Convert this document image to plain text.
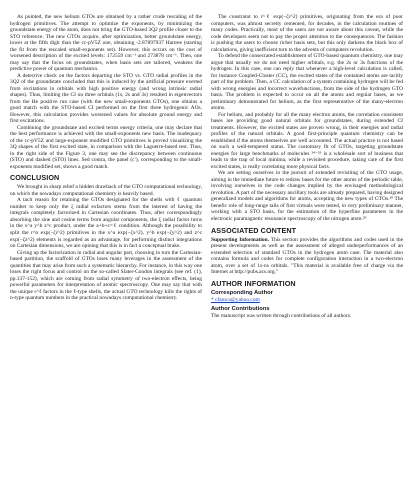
As pointed, the new helium GTOs are obtained by a rather crude rescaling of the hydrogen primitives. The attempt to optimize the exponents, by minimizing the groundstate energy of the atom, does not bring the GTO-based 3Q2 profile closer to the STO reference. The new GTOs acquire, after optimization, better groundstate energy, lower at the fifth digit than the cc-pV5Z one, obtaining -2.87897937 Hartree (starting the fit from the rescaled small-exponents set). However, this occurs on the cost of worsened description of the excited levels: 172559 cm⁻¹ and 273878 cm⁻¹. Then, one may say that the focus on groundstates, when basis sets are tailored, weakens the predictive power of quantum mechanics.

A detective check on the factors departing the STO vs. GTO radial profiles in the 3Q2 of the groundstate concluded that this is induced by the artificial pressure exerted from excitations in orbitals with high positive energy (and wrong intrinsic radial shapes). Thus, limiting the CI on three orbitals (1s, 2s and 3s) resulted in eigenvectors from the He positive run case (with the new small-exponents GTOs), one obtains a good match with the STO-based CI performed on the first three hydrogenic AOs. However, this calculation provides worsened values for absolute ground energy and first excitations.

Combining the groundstate and excited terms energy criteria, one may declare that the best performance is achieved with the small-exponents new basis. The inadequacy of the cc-pV5Z and large-exponent modified GTO primitives is proved visualizing the 3Q shapes of the first excited state, in comparison with the Laguerre-based test. Thus, in the right side of the Figure 3, one may see the discrepancy between continuous (STO) and dashed (STO) lines. Sed contra, the panel (c′), corresponding to the small-exponents modified set, shows a good match.

CONCLUSION

We brought in sharp relief a hidden drawback of the GTO computational technology, on which the nowadays computational chemistry is heavily based.

A tacit reason for retaining the GTOs designated for the shells with ℓ quantum number to keep only the ξ radial exfactors stems from the interest of having the integrals completely factorized in Cartesian coordinates. Thus, after correspondingly absorbing the sine and cosine terms from angular components, the ξ radial factor turns in the x^a y^b z^c product, under the a+b+c=ℓ condition. Although the possibility to split the r^n exp(−ζr^2) primitives in the x^a exp(−ζx^2), y^b exp(−ζy^2) and z^c exp(−ζz^2) elements is regarded as an advantage, for performing distinct integrations on Cartesian dimensions, we are opining that this is in fact a conceptual brake.

Giving up the factorization in radial and angular part, choosing in turn the Cartesian-based partition, the scaffold of GTOs loses many leverages in the assessment of the quantities that may arise from such a systematic hierarchy. For instance, in this way one loses the right focus and control on the so-called Slater-Condon integrals (see ref. (1), pp.137-152), which are coming from radial symmetry of two-electron effects, being powerful parameters for interpretation of atomic spectroscopy. One may say that with the unique r^ℓ factors in the ℓ-type shells, the actual GTO technology kills the rights of n-type quantum numbers in the practical nowadays computational chemistry.

The constraint to r^ℓ exp(−ζr^2) primitives, originating from the era of poor computers, was almost secretly cemented, for decades, in the calculation routines of many codes. Practically, most of the users are not aware about this caveat, while the code developers seem not to pay the proper attention to the consequences. The fashion is pushing the users to choose richer basis sets, but this only darkens the black box of calculations, giving inefficient turn to the advents of computers revolution.

To defend the consecrated establishment of GTO-based quantum chemistry, one may argue that usually we do not need higher orbitals, e.g. the 2s or 3s functions of the hydrogen. In this case, one can reply that whenever a high-level calculation is called, for instance Coupled-Cluster (CC), the excited states of the contained atoms are tacitly part of the problem. Then, a CC calculation of a system containing hydrogen will be fed with wrong energies and incorrect wavefunctions, from the side of the hydrogen GTO basis. The problem is expected to occur on all the atoms and regular bases, as we preliminary demonstrated for helium, as the first representative of the many-electron atoms.

For helium, and probably for all the many electron atoms, the correlation consistent bases are providing good natural orbitals for groundstates, during extended CI treatments. However, the excited states are proven wrong, in their energies and radial profiles of the natural orbitals. A good first-principle quantum chemistry can be established if the atoms themselves are well accounted. The actual practice is not based on such a well-tempered status. The customary fit of GTOs, targeting groundstate energies for large benchmarks of molecules ²⁴⁻²⁵ is a wholesale sort of business that leads to the trap of local minima, while a revisited procedure, taking care of the first excited states, is really correlating more physical facts.

We are setting ourselves in the pursuit of extended revisiting of the GTO usage, aiming in the immediate future to redraw bases for the other atoms of the periodic table, involving ourselves in the code changes implied by the envisaged methodological revolution. A part of the necessary ancillary tools are already prepared, having designed generalized models and algorithms for atoms, accepting the new types of GTOs.²⁸ The benefic role of long-range tails of first virtuals were tested, in very preliminary manner, working with a STO basis, for the estimation of the hyperfine parameters in the electronic paramagnetic resonance spectroscopy of the nitrogen atom.²⁹

ASSOCIATED CONTENT

Supporting Information. This section provides the algorithms and codes used in the present developments as well as the assessment of alleged underperformances of an extended selection of standard GTOs in the hydrogen atom case. The material also contains formula and codes for complete configuration interaction in a two-electron atom, over a set of 1s-ns orbitals. "This material is available free of charge via the Internet at http://pubs.acs.org."

AUTHOR INFORMATION
Corresponding Author

* cfanica@yahoo.com

Author Contributions

The manuscript was written through contributions of all authors.
